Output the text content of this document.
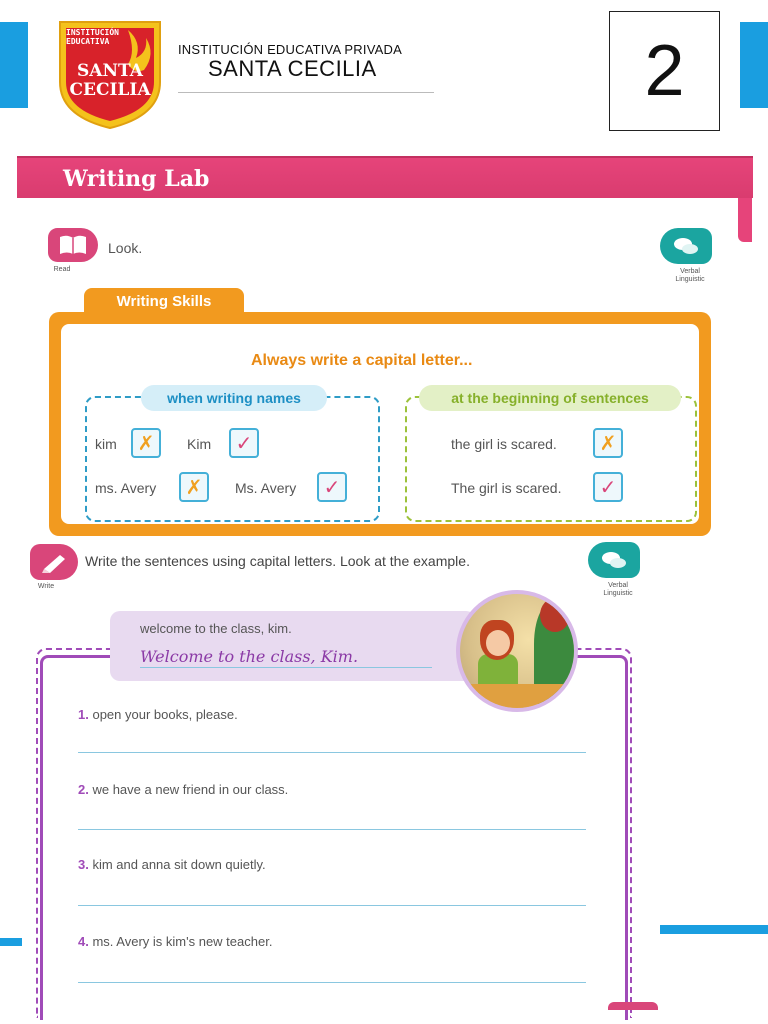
INSTITUCIÓN EDUCATIVA
SANTA
CECILIA
INSTITUCIÓN EDUCATIVA PRIVADA
SANTA CECILIA	2
Writing Lab
Read
Look.
Verbal
Linguistic
Always write a capital letter...
when writing names	at the beginning of sentences
kim	✗	Kim	✓
ms. Avery	✗	Ms. Avery	✓
the girl is scared.	✗
The girl is scared.	✓
Writing Skills
Write
Write the sentences using capital letters. Look at the example.
Verbal
Linguistic
welcome to the class, kim.
Welcome to the class, Kim.
1. open your books, please.
2. we have a new friend in our class.
3. kim and anna sit down quietly.
4. ms. Avery is kim's new teacher.
